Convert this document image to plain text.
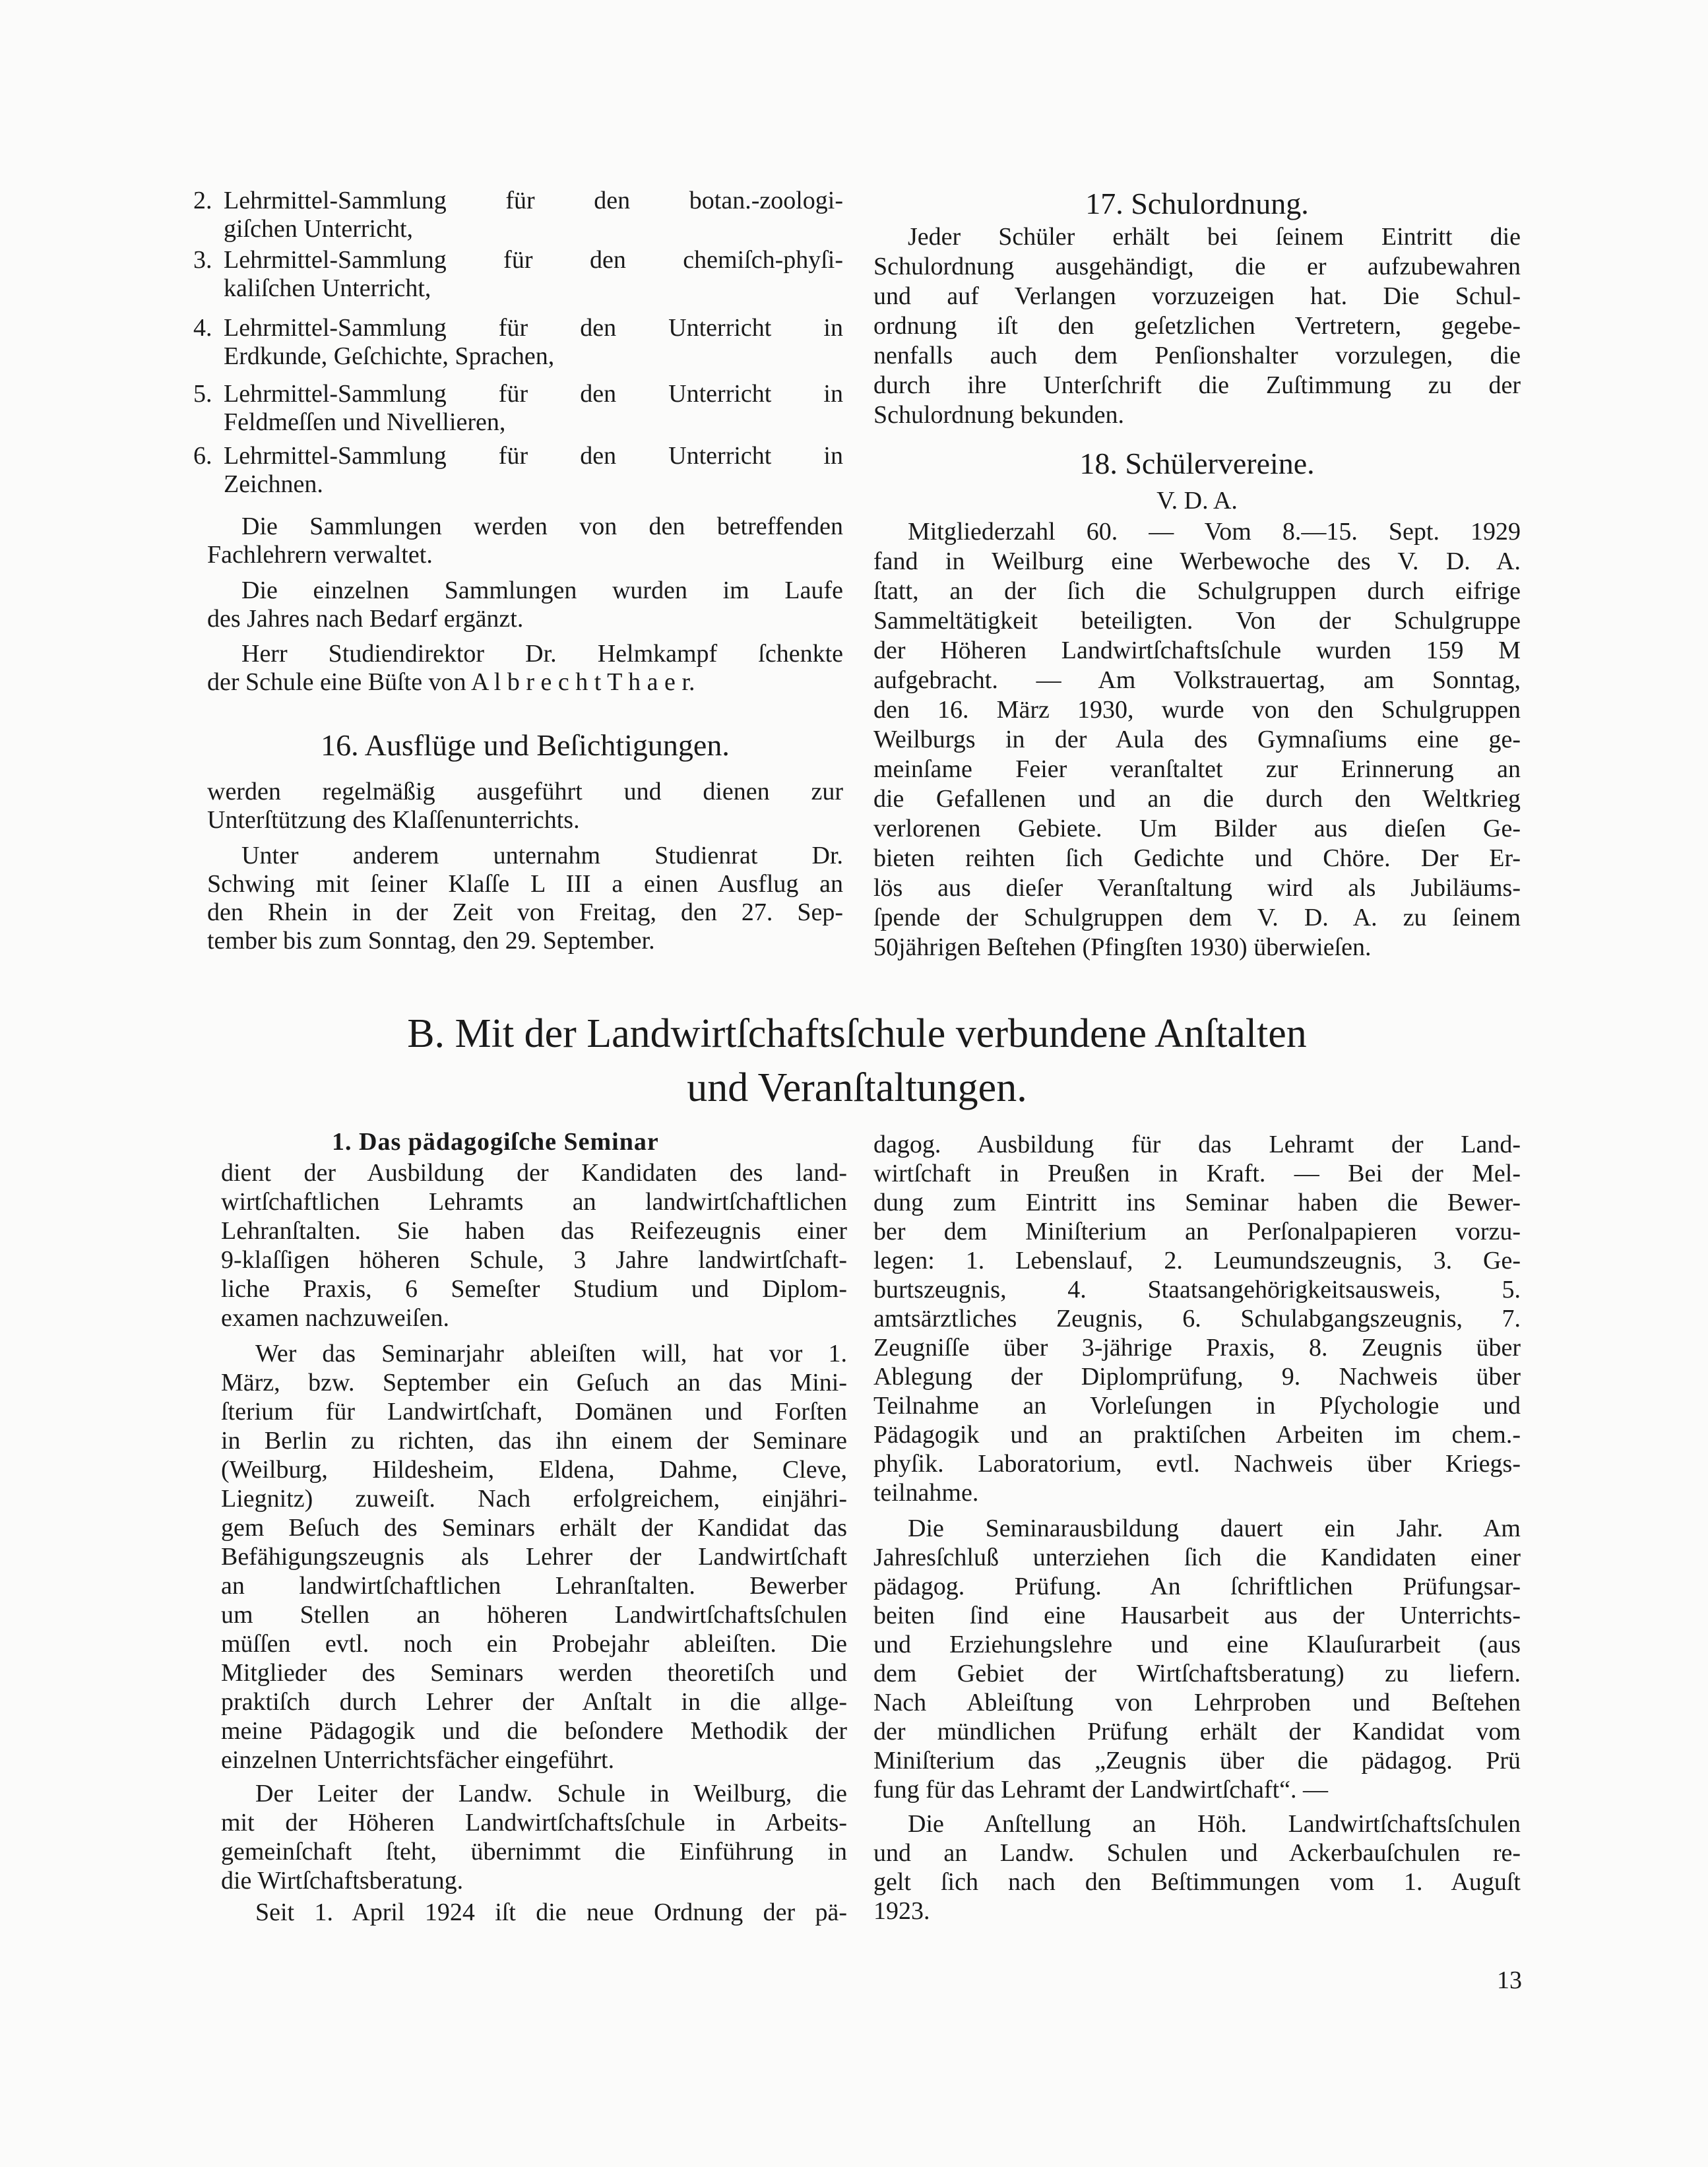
2. Lehrmittel-Sammlung für den botan.-zoologi-
giſchen Unterricht,
3. Lehrmittel-Sammlung für den chemiſch-phyſi-
kaliſchen Unterricht,
4. Lehrmittel-Sammlung für den Unterricht in
Erdkunde, Geſchichte, Sprachen,
5. Lehrmittel-Sammlung für den Unterricht in
Feldmeſſen und Nivellieren,
6. Lehrmittel-Sammlung für den Unterricht in
Zeichnen.
Die Sammlungen werden von den betreffenden
Fachlehrern verwaltet.
Die einzelnen Sammlungen wurden im Laufe
des Jahres nach Bedarf ergänzt.
Herr Studiendirektor Dr. Helmkampf ſchenkte
der Schule eine Büſte von A l b r e c h t T h a e r.
16. Ausflüge und Beſichtigungen.
werden regelmäßig ausgeführt und dienen zur
Unterſtützung des Klaſſenunterrichts.
Unter anderem unternahm Studienrat Dr.
Schwing mit ſeiner Klaſſe L III a einen Ausflug an
den Rhein in der Zeit von Freitag, den 27. Sep-
tember bis zum Sonntag, den 29. September.
17. Schulordnung.
Jeder Schüler erhält bei ſeinem Eintritt die
Schulordnung ausgehändigt, die er aufzubewahren
und auf Verlangen vorzuzeigen hat. Die Schul-
ordnung iſt den geſetzlichen Vertretern, gegebe-
nenfalls auch dem Penſionshalter vorzulegen, die
durch ihre Unterſchrift die Zuſtimmung zu der
Schulordnung bekunden.
18. Schülervereine.
V. D. A.
Mitgliederzahl 60. — Vom 8.—15. Sept. 1929
fand in Weilburg eine Werbewoche des V. D. A.
ſtatt, an der ſich die Schulgruppen durch eifrige
Sammeltätigkeit beteiligten. Von der Schulgruppe
der Höheren Landwirtſchaftsſchule wurden 159 M
aufgebracht. — Am Volkstrauertag, am Sonntag,
den 16. März 1930, wurde von den Schulgruppen
Weilburgs in der Aula des Gymnaſiums eine ge-
meinſame Feier veranſtaltet zur Erinnerung an
die Gefallenen und an die durch den Weltkrieg
verlorenen Gebiete. Um Bilder aus dieſen Ge-
bieten reihten ſich Gedichte und Chöre. Der Er-
lös aus dieſer Veranſtaltung wird als Jubiläums-
ſpende der Schulgruppen dem V. D. A. zu ſeinem
50jährigen Beſtehen (Pfingſten 1930) überwieſen.
B. Mit der Landwirtſchaftsſchule verbundene Anſtalten
und Veranſtaltungen.
1. Das pädagogiſche Seminar
dient der Ausbildung der Kandidaten des land-
wirtſchaftlichen Lehramts an landwirtſchaftlichen
Lehranſtalten. Sie haben das Reifezeugnis einer
9-klaſſigen höheren Schule, 3 Jahre landwirtſchaft-
liche Praxis, 6 Semeſter Studium und Diplom-
examen nachzuweiſen.
Wer das Seminarjahr ableiſten will, hat vor 1.
März, bzw. September ein Geſuch an das Mini-
ſterium für Landwirtſchaft, Domänen und Forſten
in Berlin zu richten, das ihn einem der Seminare
(Weilburg, Hildesheim, Eldena, Dahme, Cleve,
Liegnitz) zuweiſt. Nach erfolgreichem, einjähri-
gem Beſuch des Seminars erhält der Kandidat das
Befähigungszeugnis als Lehrer der Landwirtſchaft
an landwirtſchaftlichen Lehranſtalten. Bewerber
um Stellen an höheren Landwirtſchaftsſchulen
müſſen evtl. noch ein Probejahr ableiſten. Die
Mitglieder des Seminars werden theoretiſch und
praktiſch durch Lehrer der Anſtalt in die allge-
meine Pädagogik und die beſondere Methodik der
einzelnen Unterrichtsfächer eingeführt.
Der Leiter der Landw. Schule in Weilburg, die
mit der Höheren Landwirtſchaftsſchule in Arbeits-
gemeinſchaft ſteht, übernimmt die Einführung in
die Wirtſchaftsberatung.
Seit 1. April 1924 iſt die neue Ordnung der pä-
dagog. Ausbildung für das Lehramt der Land-
wirtſchaft in Preußen in Kraft. — Bei der Mel-
dung zum Eintritt ins Seminar haben die Bewer-
ber dem Miniſterium an Perſonalpapieren vorzu-
legen: 1. Lebenslauf, 2. Leumundszeugnis, 3. Ge-
burtszeugnis, 4. Staatsangehörigkeitsausweis, 5.
amtsärztliches Zeugnis, 6. Schulabgangszeugnis, 7.
Zeugniſſe über 3-jährige Praxis, 8. Zeugnis über
Ablegung der Diplomprüfung, 9. Nachweis über
Teilnahme an Vorleſungen in Pſychologie und
Pädagogik und an praktiſchen Arbeiten im chem.-
phyſik. Laboratorium, evtl. Nachweis über Kriegs-
teilnahme.
Die Seminarausbildung dauert ein Jahr. Am
Jahresſchluß unterziehen ſich die Kandidaten einer
pädagog. Prüfung. An ſchriftlichen Prüfungsar-
beiten ſind eine Hausarbeit aus der Unterrichts-
und Erziehungslehre und eine Klauſurarbeit (aus
dem Gebiet der Wirtſchaftsberatung) zu liefern.
Nach Ableiſtung von Lehrproben und Beſtehen
der mündlichen Prüfung erhält der Kandidat vom
Miniſterium das „Zeugnis über die pädagog. Prü
fung für das Lehramt der Landwirtſchaft“. —
Die Anſtellung an Höh. Landwirtſchaftsſchulen
und an Landw. Schulen und Ackerbauſchulen re-
gelt ſich nach den Beſtimmungen vom 1. Auguſt
1923.
13
